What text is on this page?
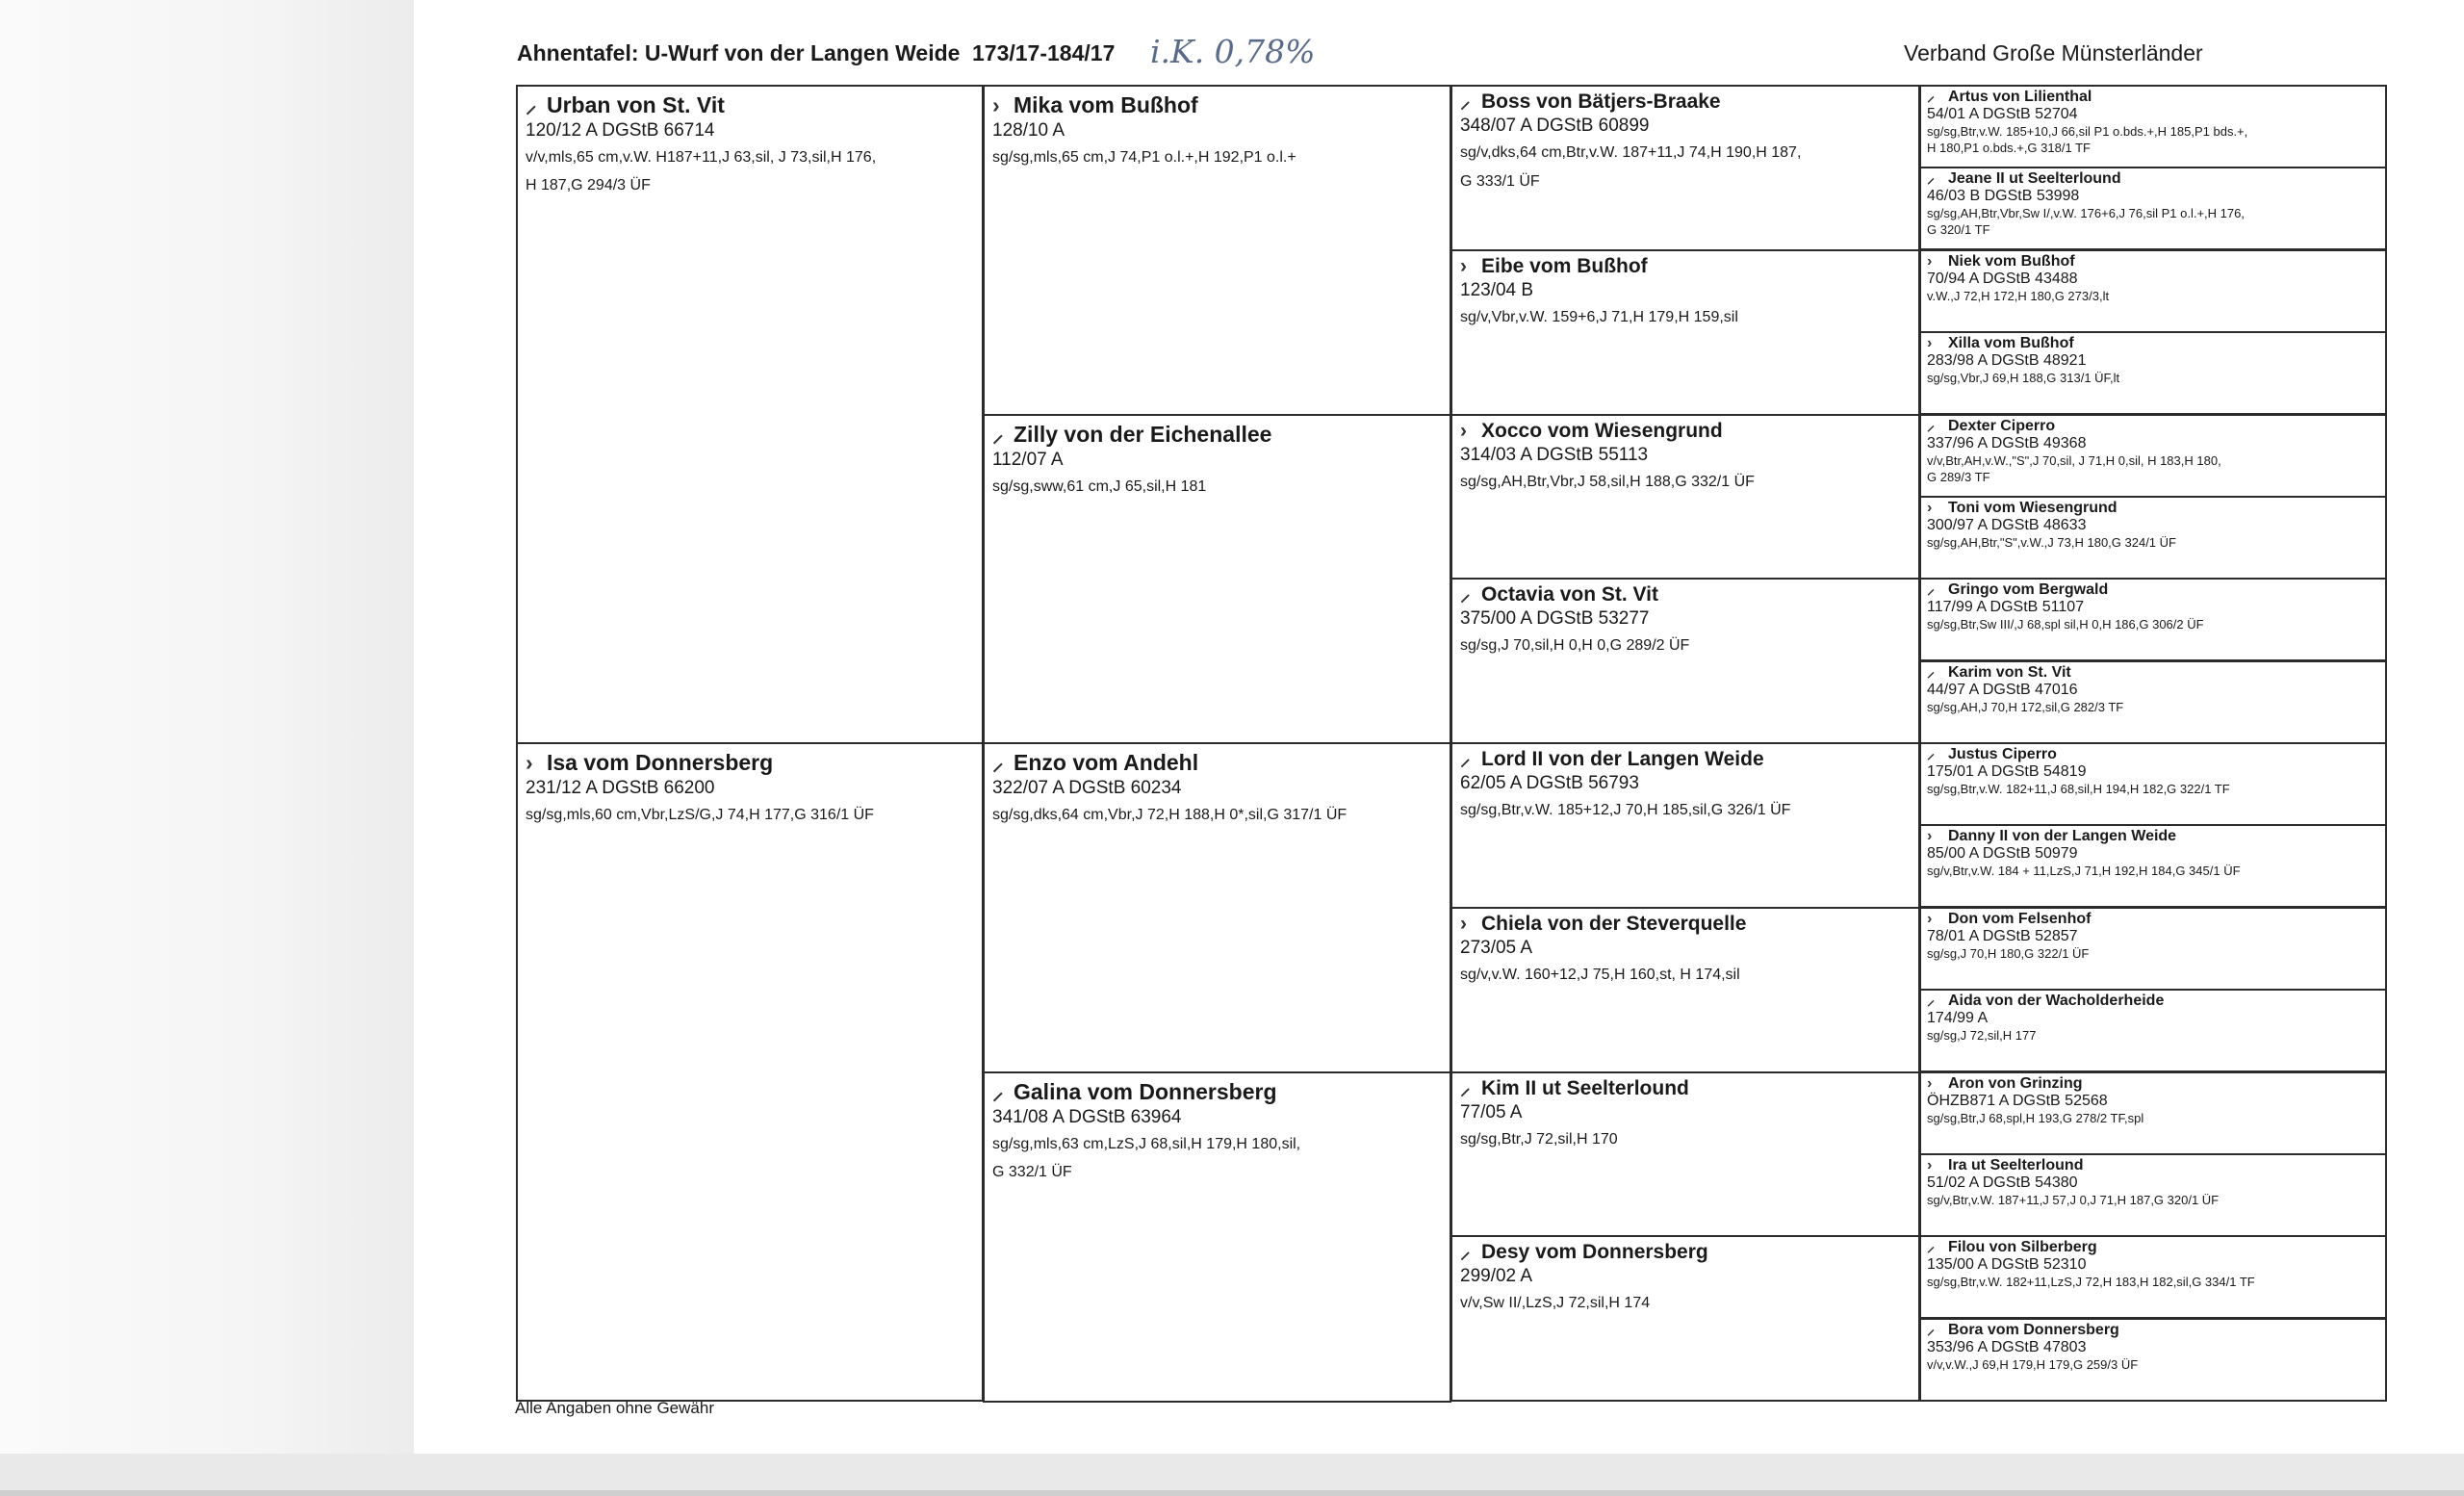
Ahnentafel: U-Wurf von der Langen Weide 173/17-184/17 i.K. 0,78%	Verband Große Münsterländer
⸝ Urban von St. Vit
120/12 A DGStB 66714
v/v,mls,65 cm,v.W. H187+11,J 63,sil, J 73,sil,H 176,
H 187,G 294/3 ÜF
› Isa vom Donnersberg
231/12 A DGStB 66200
sg/sg,mls,60 cm,Vbr,LzS/G,J 74,H 177,G 316/1 ÜF
› Mika vom Bußhof
128/10 A
sg/sg,mls,65 cm,J 74,P1 o.l.+,H 192,P1 o.l.+
⸝ Zilly von der Eichenallee
112/07 A
sg/sg,sww,61 cm,J 65,sil,H 181
⸝ Enzo vom Andehl
322/07 A DGStB 60234
sg/sg,dks,64 cm,Vbr,J 72,H 188,H 0*,sil,G 317/1 ÜF
⸝ Galina vom Donnersberg
341/08 A DGStB 63964
sg/sg,mls,63 cm,LzS,J 68,sil,H 179,H 180,sil,
G 332/1 ÜF
⸝ Boss von Bätjers-Braake
348/07 A DGStB 60899
sg/v,dks,64 cm,Btr,v.W. 187+11,J 74,H 190,H 187,
G 333/1 ÜF
› Eibe vom Bußhof
123/04 B
sg/v,Vbr,v.W. 159+6,J 71,H 179,H 159,sil
› Xocco vom Wiesengrund
314/03 A DGStB 55113
sg/sg,AH,Btr,Vbr,J 58,sil,H 188,G 332/1 ÜF
⸝ Octavia von St. Vit
375/00 A DGStB 53277
sg/sg,J 70,sil,H 0,H 0,G 289/2 ÜF
⸝ Lord II von der Langen Weide
62/05 A DGStB 56793
sg/sg,Btr,v.W. 185+12,J 70,H 185,sil,G 326/1 ÜF
› Chiela von der Steverquelle
273/05 A
sg/v,v.W. 160+12,J 75,H 160,st, H 174,sil
⸝ Kim II ut Seelterlound
77/05 A
sg/sg,Btr,J 72,sil,H 170
⸝ Desy vom Donnersberg
299/02 A
v/v,Sw II/,LzS,J 72,sil,H 174
⸝ Artus von Lilienthal
54/01 A DGStB 52704
sg/sg,Btr,v.W. 185+10,J 66,sil P1 o.bds.+,H 185,P1 bds.+,
H 180,P1 o.bds.+,G 318/1 TF
⸝ Jeane II ut Seelterlound
46/03 B DGStB 53998
sg/sg,AH,Btr,Vbr,Sw I/,v.W. 176+6,J 76,sil P1 o.l.+,H 176,
G 320/1 TF
› Niek vom Bußhof
70/94 A DGStB 43488
v.W.,J 72,H 172,H 180,G 273/3,lt
› Xilla vom Bußhof
283/98 A DGStB 48921
sg/sg,Vbr,J 69,H 188,G 313/1 ÜF,lt
⸝ Dexter Ciperro
337/96 A DGStB 49368
v/v,Btr,AH,v.W.,"S",J 70,sil, J 71,H 0,sil, H 183,H 180,
G 289/3 TF
› Toni vom Wiesengrund
300/97 A DGStB 48633
sg/sg,AH,Btr,"S",v.W.,J 73,H 180,G 324/1 ÜF
⸝ Gringo vom Bergwald
117/99 A DGStB 51107
sg/sg,Btr,Sw III/,J 68,spl sil,H 0,H 186,G 306/2 ÜF
⸝ Karim von St. Vit
44/97 A DGStB 47016
sg/sg,AH,J 70,H 172,sil,G 282/3 TF
⸝ Justus Ciperro
175/01 A DGStB 54819
sg/sg,Btr,v.W. 182+11,J 68,sil,H 194,H 182,G 322/1 TF
› Danny II von der Langen Weide
85/00 A DGStB 50979
sg/v,Btr,v.W. 184 + 11,LzS,J 71,H 192,H 184,G 345/1 ÜF
› Don vom Felsenhof
78/01 A DGStB 52857
sg/sg,J 70,H 180,G 322/1 ÜF
⸝ Aida von der Wacholderheide
174/99 A
sg/sg,J 72,sil,H 177
› Aron von Grinzing
ÖHZB871 A DGStB 52568
sg/sg,Btr,J 68,spl,H 193,G 278/2 TF,spl
› Ira ut Seelterlound
51/02 A DGStB 54380
sg/v,Btr,v.W. 187+11,J 57,J 0,J 71,H 187,G 320/1 ÜF
⸝ Filou von Silberberg
135/00 A DGStB 52310
sg/sg,Btr,v.W. 182+11,LzS,J 72,H 183,H 182,sil,G 334/1 TF
⸝ Bora vom Donnersberg
353/96 A DGStB 47803
v/v,v.W.,J 69,H 179,H 179,G 259/3 ÜF
Alle Angaben ohne Gewähr
